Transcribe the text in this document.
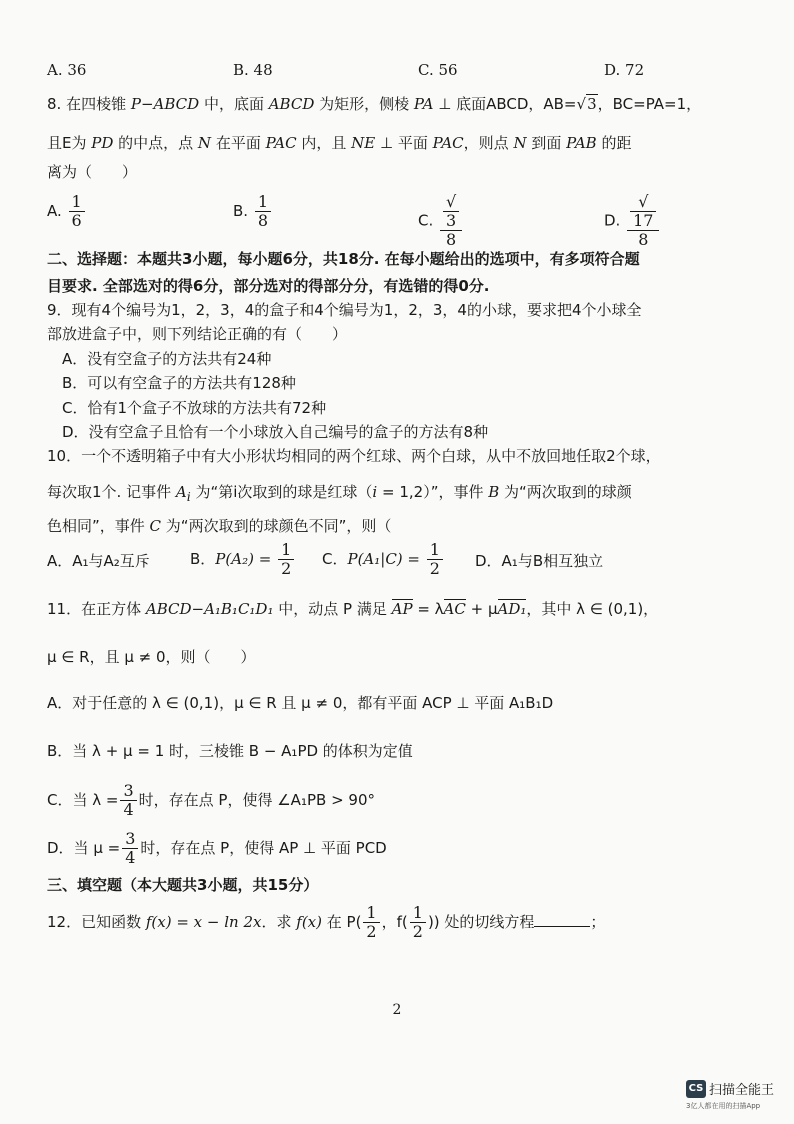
A. 36	B. 48	C. 56	D. 72
8. 在四棱锥 P−ABCD 中，底面 ABCD 为矩形，侧棱 PA ⊥ 底面ABCD，AB=√3，BC=PA=1，
且E为 PD 的中点，点 N 在平面 PAC 内，且 NE ⊥ 平面 PAC，则点 N 到面 PAB 的距
离为（　　）
A. $\frac{1}{6}$	B. $\frac{1}{8}$	C. √
3
8	D. √
17
8
二、选择题：本题共3小题，每小题6分，共18分. 在每小题给出的选项中，有多项符合题
目要求. 全部选对的得6分，部分选对的得部分分，有选错的得0分.
9．现有4个编号为1，2，3，4的盒子和4个编号为1，2，3，4的小球，要求把4个小球全
部放进盒子中，则下列结论正确的有（　　）
A．没有空盒子的方法共有24种
B．可以有空盒子的方法共有128种
C．恰有1个盒子不放球的方法共有72种
D．没有空盒子且恰有一个小球放入自己编号的盒子的方法有8种
10．一个不透明箱子中有大小形状均相同的两个红球、两个白球，从中不放回地任取2个球，
每次取1个. 记事件 $A_i$ 为“第i次取到的球是红球（i = 1,2）”，事件 B 为“两次取到的球颜
色相同”，事件 C 为“两次取到的球颜色不同”，则（
A．A₁与A₂互斥	B．$P(A_2) = \frac{1}{2}$ C．$P(A_1|C) = \frac{1}{2}$ D．A₁与B相互独立
11．在正方体 ABCD−A₁B₁C₁D₁ 中，动点 P 满足 AP = λAC + μAD₁，其中 λ ∈ (0,1)，
μ ∈ R，且 μ ≠ 0，则（　　）
A．对于任意的 λ ∈ (0,1)，μ ∈ R 且 μ ≠ 0，都有平面 ACP ⊥ 平面 A₁B₁D
B．当 λ + μ = 1 时，三棱锥 B − A₁PD 的体积为定值
C．当 $\lambda = \frac{3}{4}$ 时，存在点 P，使得 ∠A₁PB > 90°
D．当 $\mu = \frac{3}{4}$ 时，存在点 P，使得 AP ⊥ 平面 PCD
三、填空题（本大题共3小题，共15分）
12．已知函数 f(x) = x − ln 2x．求 f(x) 在 $P( \frac{1}{2}$ ，$f( \frac{1}{2}$ )) 处的切线方程	；
2
CS 扫描全能王
3亿人都在用的扫描App
